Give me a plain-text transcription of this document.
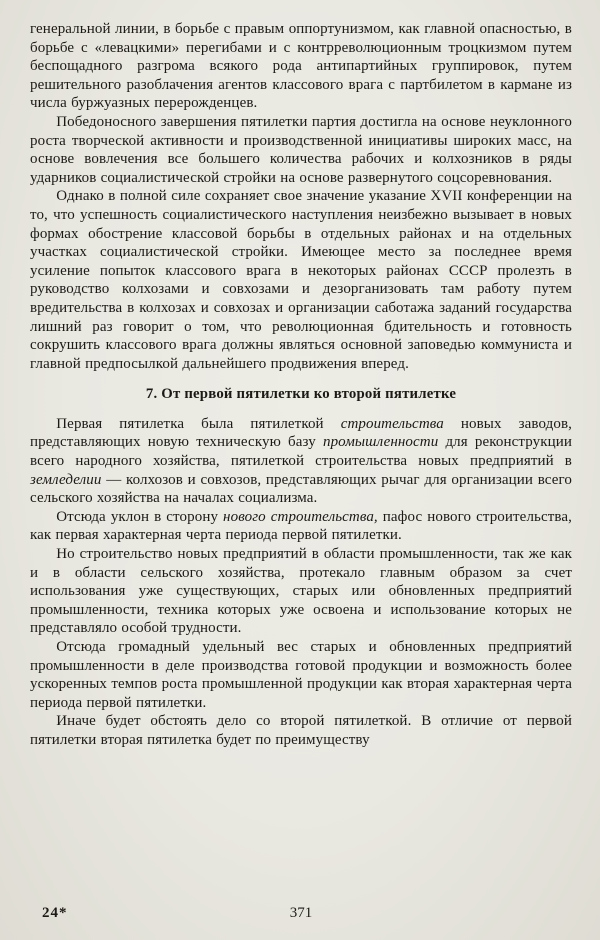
генеральной линии, в борьбе с правым оппортунизмом, как главной опасностью, в борьбе с «левацкими» перегибами и с контрреволюционным троцкизмом путем беспощадного разгрома всякого рода антипартийных группировок, путем решительного разоблачения агентов классового врага с партбилетом в кармане из числа буржуазных перерожденцев.

Победоносного завершения пятилетки партия достигла на основе неуклонного роста творческой активности и производственной инициативы широких масс, на основе вовлечения все большего количества рабочих и колхозников в ряды ударников социалистической стройки на основе развернутого соцсоревнования.

Однако в полной силе сохраняет свое значение указание XVII конференции на то, что успешность социалистического наступления неизбежно вызывает в новых формах обострение классовой борьбы в отдельных районах и на отдельных участках социалистической стройки. Имеющее место за последнее время усиление попыток классового врага в некоторых районах СССР пролезть в руководство колхозами и совхозами и дезорганизовать там работу путем вредительства в колхозах и совхозах и организации саботажа заданий государства лишний раз говорит о том, что революционная бдительность и готовность сокрушить классового врага должны являться основной заповедью коммуниста и главной предпосылкой дальнейшего продвижения вперед.

7. От первой пятилетки ко второй пятилетке

Первая пятилетка была пятилеткой строительства новых заводов, представляющих новую техническую базу промышленности для реконструкции всего народного хозяйства, пятилеткой строительства новых предприятий в земледелии — колхозов и совхозов, представляющих рычаг для организации всего сельского хозяйства на началах социализма.

Отсюда уклон в сторону нового строительства, пафос нового строительства, как первая характерная черта периода первой пятилетки.

Но строительство новых предприятий в области промышленности, так же как и в области сельского хозяйства, протекало главным образом за счет использования уже существующих, старых или обновленных предприятий промышленности, техника которых уже освоена и использование которых не представляло особой трудности.

Отсюда громадный удельный вес старых и обновленных предприятий промышленности в деле производства готовой продукции и возможность более ускоренных темпов роста промышленной продукции как вторая характерная черта периода первой пятилетки.

Иначе будет обстоять дело со второй пятилеткой. В отличие от первой пятилетки вторая пятилетка будет по преимуществу

24*	371
